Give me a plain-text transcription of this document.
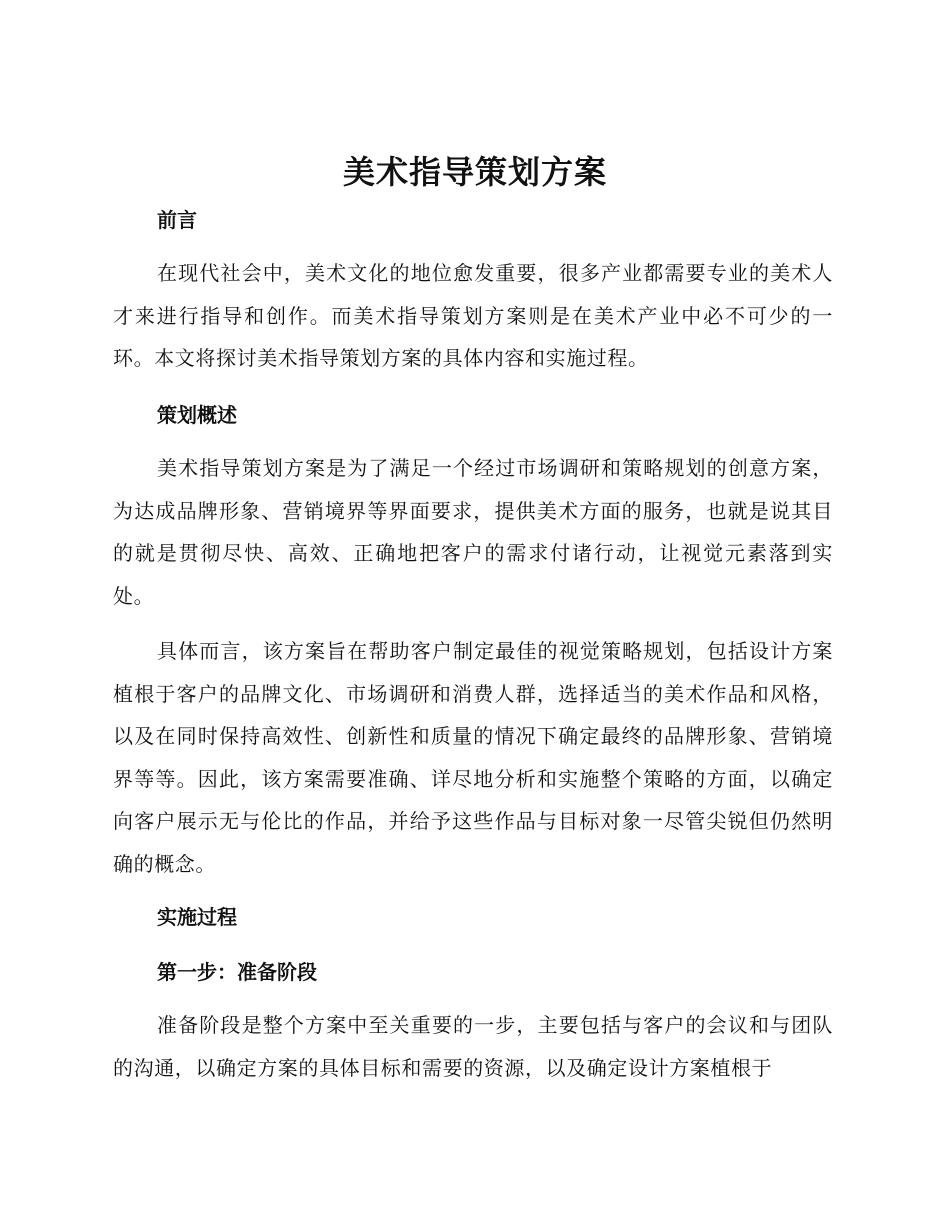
美术指导策划方案
前言

在现代社会中，美术文化的地位愈发重要，很多产业都需要专业的美术人才来进行指导和创作。而美术指导策划方案则是在美术产业中必不可少的一环。本文将探讨美术指导策划方案的具体内容和实施过程。

策划概述

美术指导策划方案是为了满足一个经过市场调研和策略规划的创意方案，为达成品牌形象、营销境界等界面要求，提供美术方面的服务，也就是说其目的就是贯彻尽快、高效、正确地把客户的需求付诸行动，让视觉元素落到实处。

具体而言，该方案旨在帮助客户制定最佳的视觉策略规划，包括设计方案植根于客户的品牌文化、市场调研和消费人群，选择适当的美术作品和风格，以及在同时保持高效性、创新性和质量的情况下确定最终的品牌形象、营销境界等等。因此，该方案需要准确、详尽地分析和实施整个策略的方面，以确定向客户展示无与伦比的作品，并给予这些作品与目标对象一尽管尖锐但仍然明确的概念。

实施过程
第一步：准备阶段

准备阶段是整个方案中至关重要的一步，主要包括与客户的会议和与团队的沟通，以确定方案的具体目标和需要的资源，以及确定设计方案植根于
